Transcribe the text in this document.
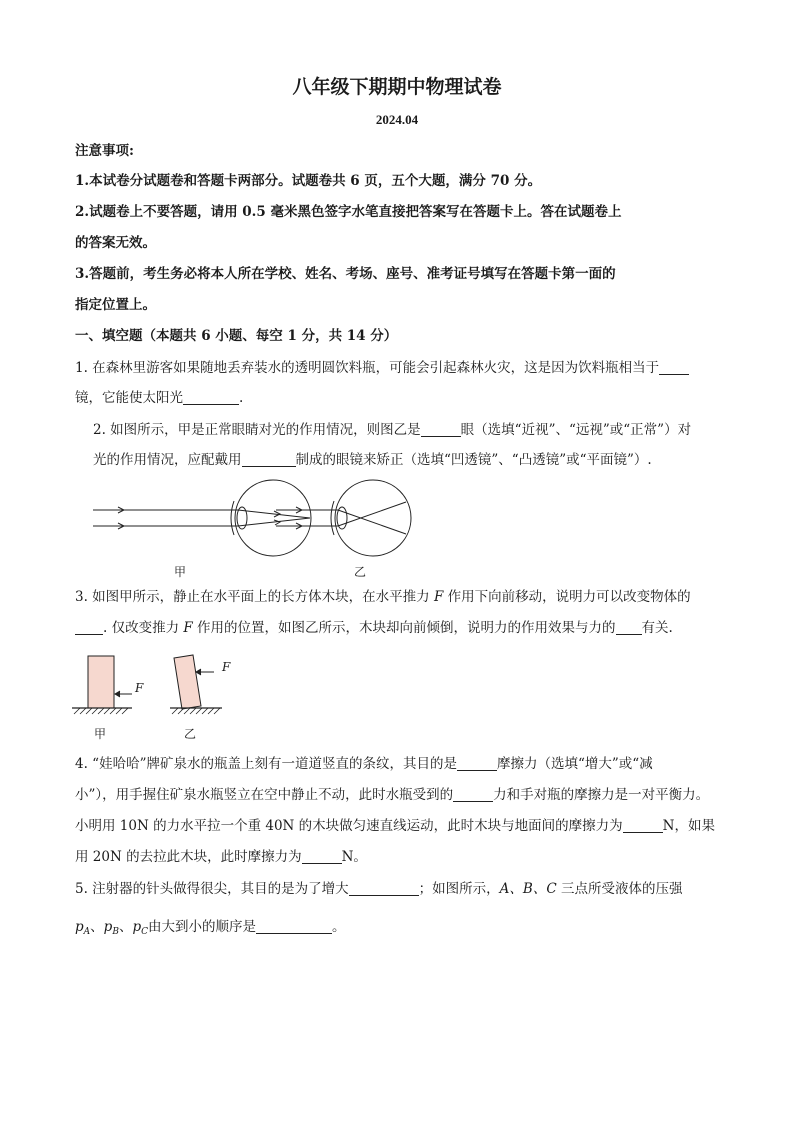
八年级下期期中物理试卷
2024.04
注意事项:
1.本试卷分试题卷和答题卡两部分。试题卷共 6 页，五个大题，满分 70 分。
2.试题卷上不要答题，请用 0.5 毫米黑色签字水笔直接把答案写在答题卡上。答在试题卷上
的答案无效。
3.答题前，考生务必将本人所在学校、姓名、考场、座号、准考证号填写在答题卡第一面的
指定位置上。
一、填空题（本题共 6 小题、每空 1 分，共 14 分）
1. 在森林里游客如果随地丢弃装水的透明圆饮料瓶，可能会引起森林火灾，这是因为饮料瓶相当于
镜，它能使太阳光	.
2. 如图所示，甲是正常眼睛对光的作用情况，则图乙是	眼（选填“近视”、“远视”或“正常”）对
光的作用情况，应配戴用	制成的眼镜来矫正（选填“凹透镜”、“凸透镜”或“平面镜”）.
甲	乙
3. 如图甲所示，静止在水平面上的长方体木块，在水平推力 F 作用下向前移动，说明力可以改变物体的
. 仅改变推力 F 作用的位置，如图乙所示，木块却向前倾倒，说明力的作用效果与力的 有关.
F
F
甲	乙
4. “娃哈哈”牌矿泉水的瓶盖上刻有一道道竖直的条纹，其目的是	摩擦力（选填“增大”或“减
小”），用手握住矿泉水瓶竖立在空中静止不动，此时水瓶受到的	力和手对瓶的摩擦力是一对平衡力。
小明用 10N 的力水平拉一个重 40N 的木块做匀速直线运动，此时木块与地面间的摩擦力为	N，如果
用 20N 的去拉此木块，此时摩擦力为	N。
5. 注射器的针头做得很尖，其目的是为了增大	；如图所示，A、B、C 三点所受液体的压强
$p_A$、$p_B$、$p_C$由大到小的顺序是	。
